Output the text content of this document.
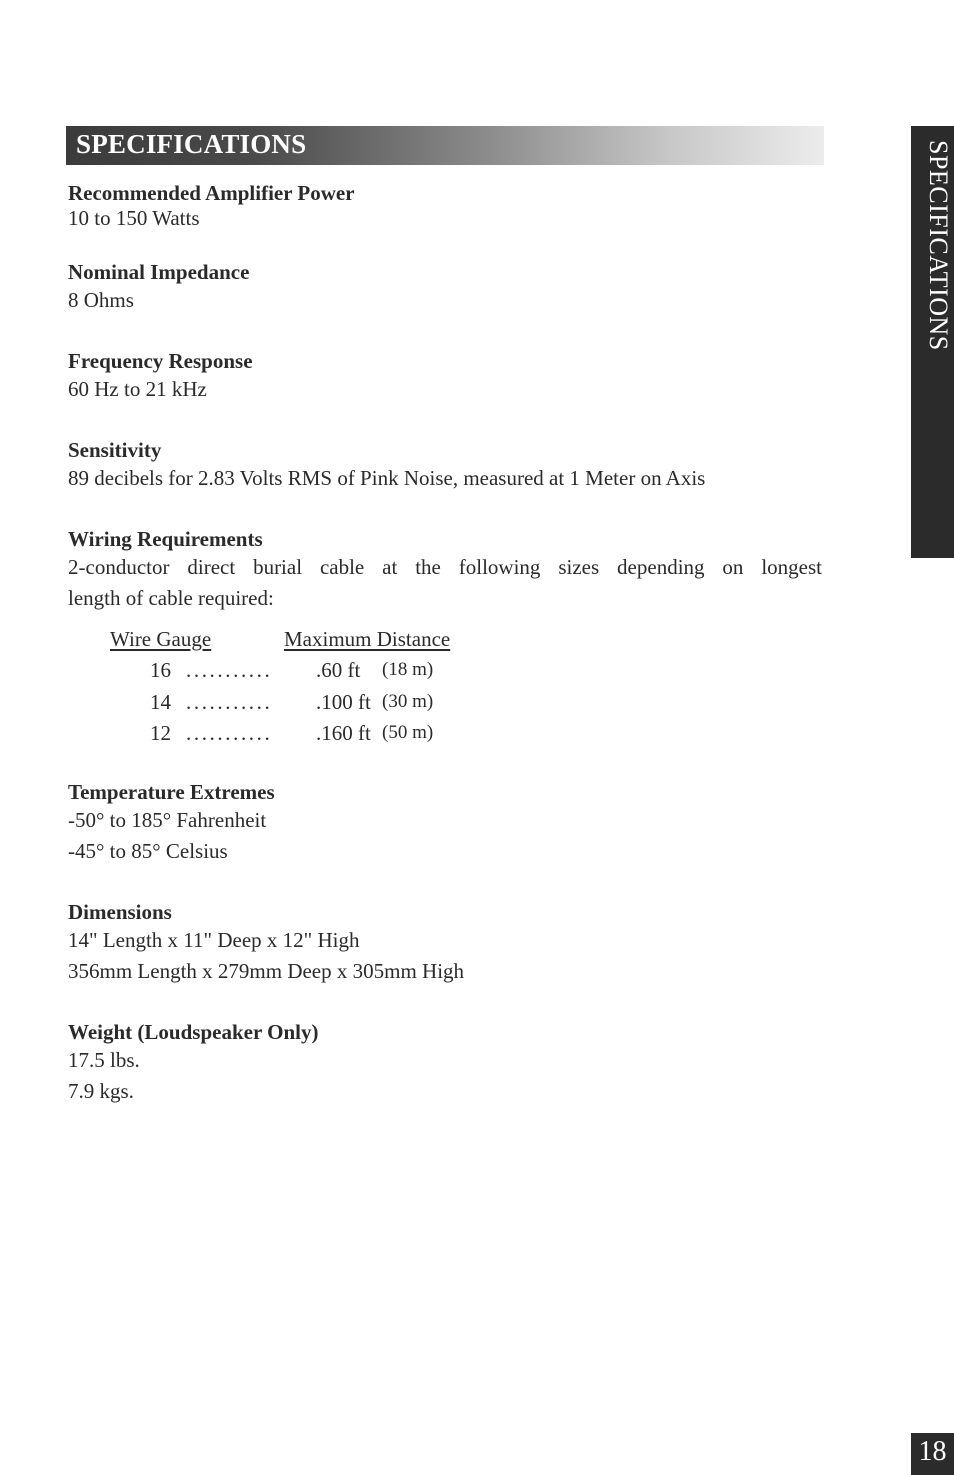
SPECIFICATIONS	SPECIFICATIONS
18
Recommended Amplifier Power
10 to 150 Watts
Nominal Impedance
8 Ohms
Frequency Response
60 Hz to 21 kHz
Sensitivity
89 decibels for 2.83 Volts RMS of Pink Noise, measured at 1 Meter on Axis
Wiring Requirements
2-conductor direct burial cable at the following sizes depending on longest
length of cable required:
Wire Gauge	Maximum Distance
16 ........... .60 ft (18 m)
14 ........... .100 ft (30 m)
12 ........... .160 ft (50 m)
Temperature Extremes
-50° to 185° Fahrenheit
-45° to 85° Celsius
Dimensions
14" Length x 11" Deep x 12" High
356mm Length x 279mm Deep x 305mm High
Weight (Loudspeaker Only)
17.5 lbs.
7.9 kgs.
